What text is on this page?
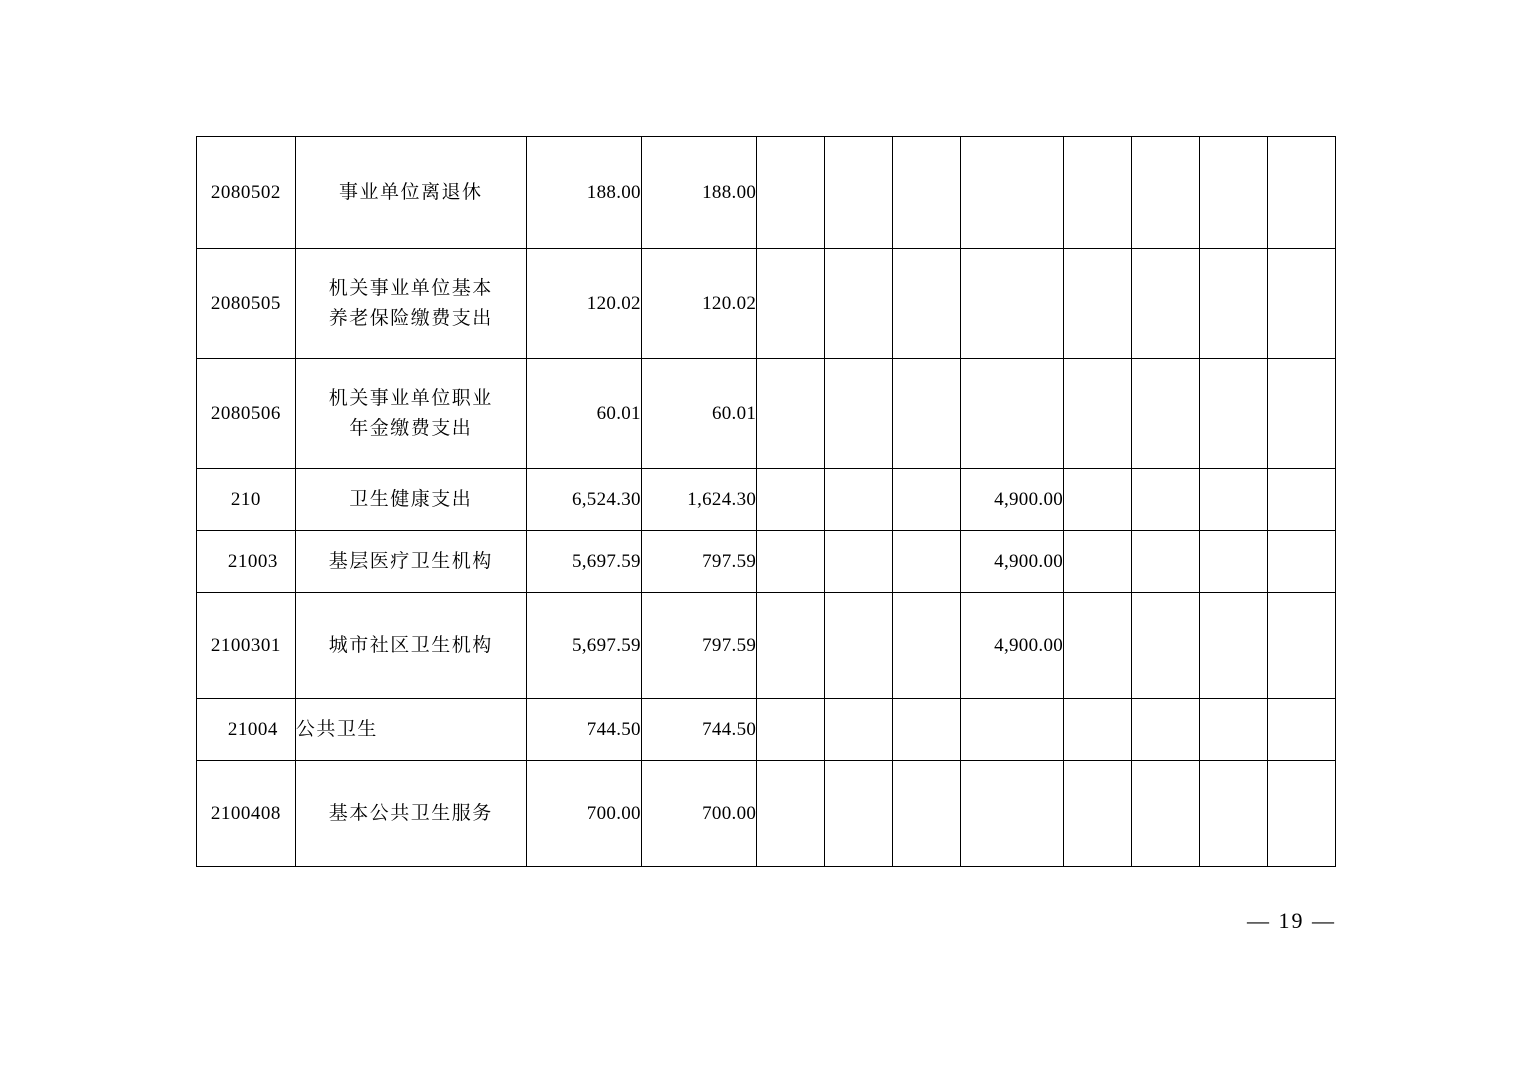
2080502	事业单位离退休	188.00	188.00								
2080505	机关事业单位基本
养老保险缴费支出	120.02	120.02								
2080506	机关事业单位职业
年金缴费支出	60.01	60.01								
210	卫生健康支出	6,524.30	1,624.30				4,900.00				
21003	基层医疗卫生机构	5,697.59	797.59				4,900.00				
2100301	城市社区卫生机构	5,697.59	797.59				4,900.00				
21004	公共卫生	744.50	744.50								
2100408	基本公共卫生服务	700.00	700.00								
— 19 —
